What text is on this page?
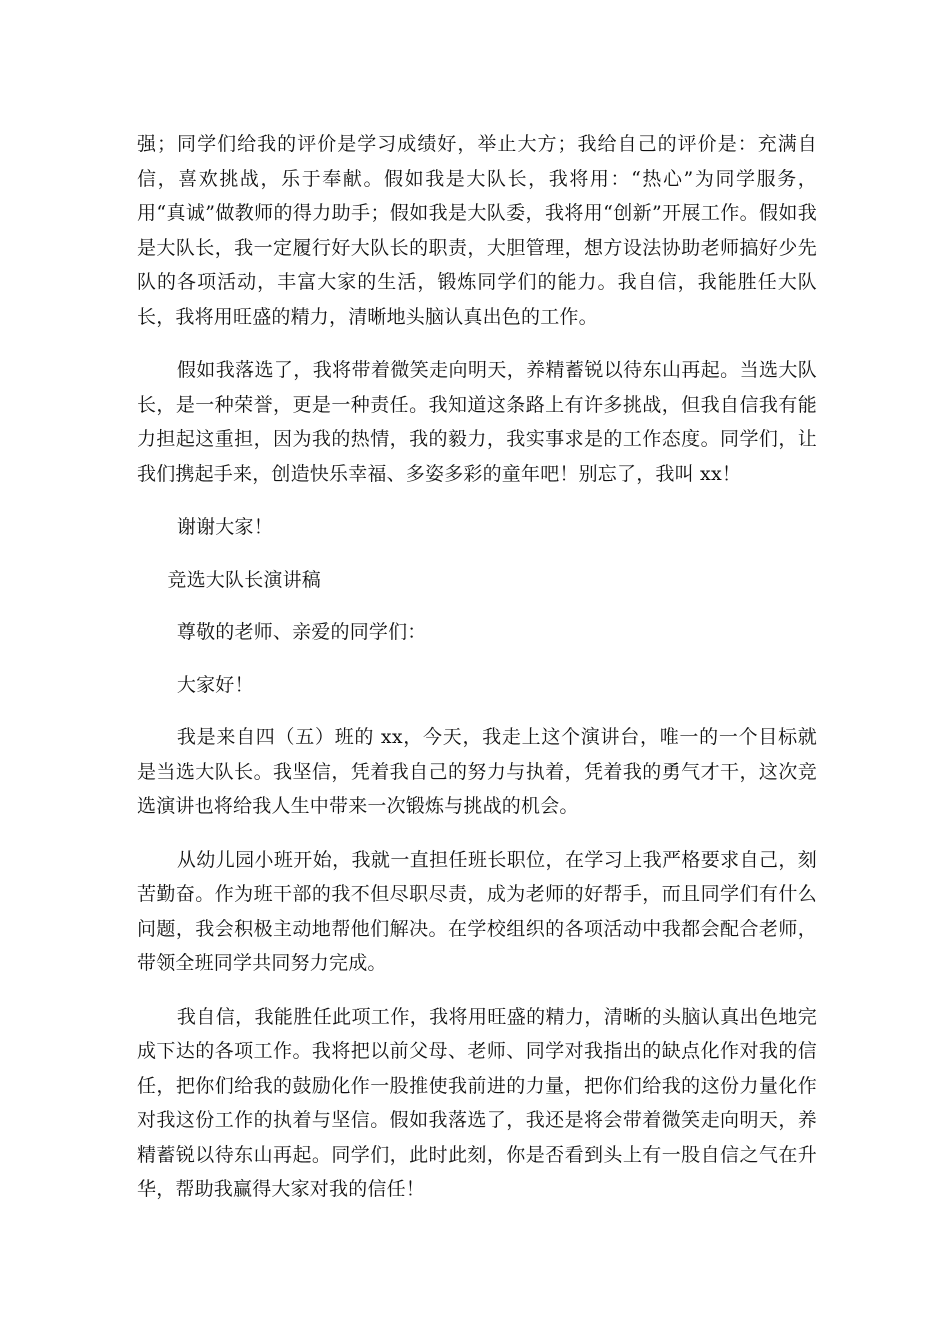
强；同学们给我的评价是学习成绩好，举止大方；我给自己的评价是：充满自信，喜欢挑战，乐于奉献。假如我是大队长，我将用：“热心”为同学服务，用“真诚”做教师的得力助手；假如我是大队委，我将用“创新”开展工作。假如我是大队长，我一定履行好大队长的职责，大胆管理，想方设法协助老师搞好少先队的各项活动，丰富大家的生活，锻炼同学们的能力。我自信，我能胜任大队长，我将用旺盛的精力，清晰地头脑认真出色的工作。

假如我落选了，我将带着微笑走向明天，养精蓄锐以待东山再起。当选大队长，是一种荣誉，更是一种责任。我知道这条路上有许多挑战，但我自信我有能力担起这重担，因为我的热情，我的毅力，我实事求是的工作态度。同学们，让我们携起手来，创造快乐幸福、多姿多彩的童年吧！别忘了，我叫 xx！

谢谢大家！

竞选大队长演讲稿

尊敬的老师、亲爱的同学们：

大家好！

我是来自四（五）班的 xx，今天，我走上这个演讲台，唯一的一个目标就是当选大队长。我坚信，凭着我自己的努力与执着，凭着我的勇气才干，这次竞选演讲也将给我人生中带来一次锻炼与挑战的机会。

从幼儿园小班开始，我就一直担任班长职位，在学习上我严格要求自己，刻苦勤奋。作为班干部的我不但尽职尽责，成为老师的好帮手，而且同学们有什么问题，我会积极主动地帮他们解决。在学校组织的各项活动中我都会配合老师，带领全班同学共同努力完成。

我自信，我能胜任此项工作，我将用旺盛的精力，清晰的头脑认真出色地完成下达的各项工作。我将把以前父母、老师、同学对我指出的缺点化作对我的信任，把你们给我的鼓励化作一股推使我前进的力量，把你们给我的这份力量化作对我这份工作的执着与坚信。假如我落选了，我还是将会带着微笑走向明天，养精蓄锐以待东山再起。同学们，此时此刻，你是否看到头上有一股自信之气在升华，帮助我赢得大家对我的信任！
